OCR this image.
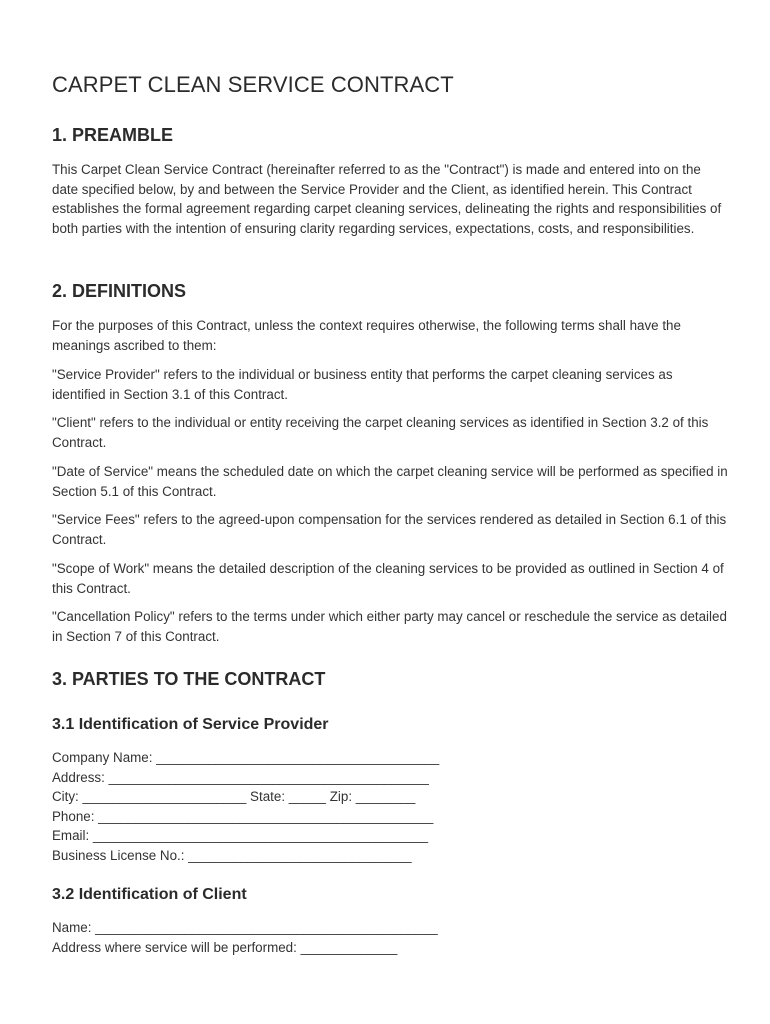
CARPET CLEAN SERVICE CONTRACT
1. PREAMBLE

This Carpet Clean Service Contract (hereinafter referred to as the "Contract") is made and entered into on the date specified below, by and between the Service Provider and the Client, as identified herein. This Contract establishes the formal agreement regarding carpet cleaning services, delineating the rights and responsibilities of both parties with the intention of ensuring clarity regarding services, expectations, costs, and responsibilities.

2. DEFINITIONS

For the purposes of this Contract, unless the context requires otherwise, the following terms shall have the meanings ascribed to them:

"Service Provider" refers to the individual or business entity that performs the carpet cleaning services as identified in Section 3.1 of this Contract.

"Client" refers to the individual or entity receiving the carpet cleaning services as identified in Section 3.2 of this Contract.

"Date of Service" means the scheduled date on which the carpet cleaning service will be performed as specified in Section 5.1 of this Contract.

"Service Fees" refers to the agreed-upon compensation for the services rendered as detailed in Section 6.1 of this Contract.

"Scope of Work" means the detailed description of the cleaning services to be provided as outlined in Section 4 of this Contract.

"Cancellation Policy" refers to the terms under which either party may cancel or reschedule the service as detailed in Section 7 of this Contract.

3. PARTIES TO THE CONTRACT
3.1 Identification of Service Provider
Company Name: ______________________________________
Address: ___________________________________________
City: ______________________ State: _____ Zip: ________
Phone: _____________________________________________
Email: _____________________________________________
Business License No.: ______________________________
3.2 Identification of Client
Name: ______________________________________________
Address where service will be performed: _____________
